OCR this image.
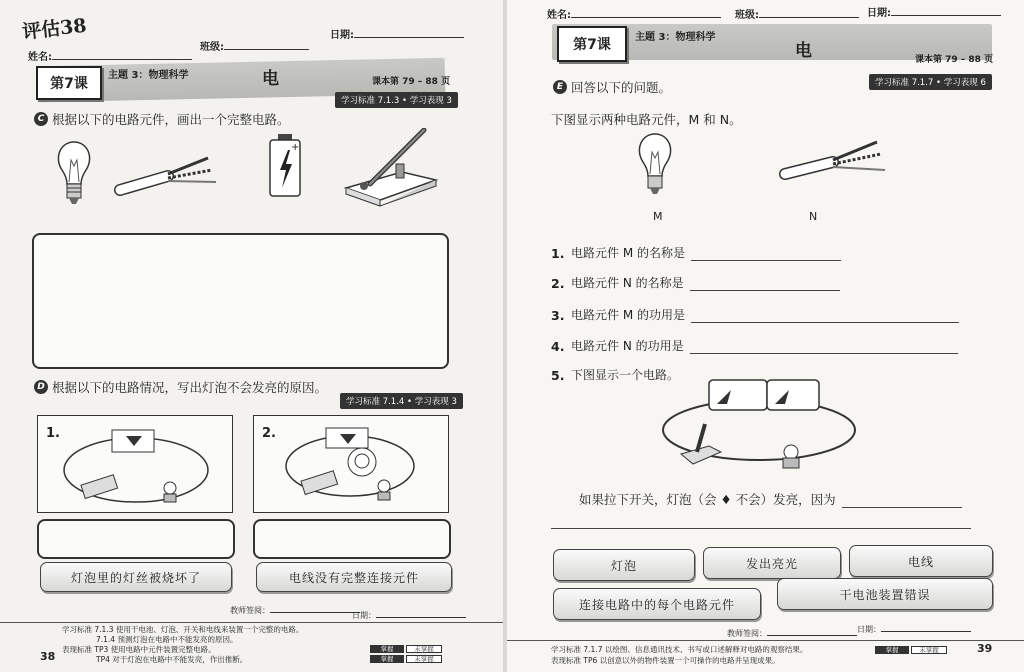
评估38
姓名:
班级:
日期:
第7课
主题 3：物理科学	电	课本第 79 – 88 页
学习标准 7.1.3 • 学习表现 3
C 根据以下的电路元件，画出一个完整电路。
+
学习标准 7.1.4 • 学习表现 3
D 根据以下的电路情况，写出灯泡不会发亮的原因。
1.	2.
灯泡里的灯丝被烧坏了	电线没有完整连接元件
教师签阅：
日期：
学习标准 7.1.3 使用干电池、灯泡、开关和电线来装置一个完整的电路。
7.1.4 预测灯泡在电路中不能发亮的原因。
表现标准 TP3 使用电路中元件装置完整电路。
TP4 对于灯泡在电路中不能发亮，作出推断。
38
掌握	未掌握
掌握	未掌握
姓名:	班级:	日期:
第7课	主题 3：物理科学
电	课本第 79 – 88 页
学习标准 7.1.7 • 学习表现 6
E 回答以下的问题。
下图显示两种电路元件，M 和 N。
M	N
1. 电路元件 M 的名称是
2. 电路元件 N 的名称是
3. 电路元件 M 的功用是
4. 电路元件 N 的功用是
5. 下图显示一个电路。
如果拉下开关，灯泡（会 ♦ 不会）发亮，因为
灯泡	发出亮光	电线
连接电路中的每个电路元件
干电池装置错误
教师签阅：	日期：
学习标准 7.1.7 以绘图、信息通讯技术、书写或口述解释对电路的观察结果。
表现标准 TP6 以创意以外的物件装置一个可操作的电路并呈现成果。
掌握	未掌握	39
